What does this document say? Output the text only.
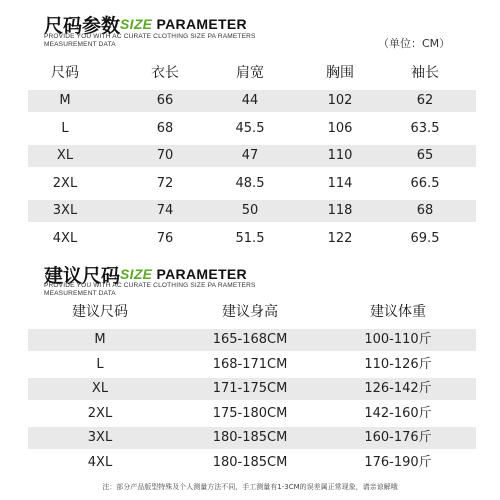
尺码参数 SIZE PARAMETER
PROVIDE YOU WITH AC CURATE CLOTHING SIZE PA RAMETERS
MEASUREMENT DATA	（单位：CM）
尺码	衣长	肩宽	胸围	袖长
M	66	44	102	62
L	68	45.5	106	63.5
XL	70	47	110	65
2XL	72	48.5	114	66.5
3XL	74	50	118	68
4XL	76	51.5	122	69.5
建议尺码 SIZE PARAMETER
PROVIDE YOU WITH AC CURATE CLOTHING SIZE PA RAMETERS
MEASUREMENT DATA
建议尺码	建议身高	建议体重
M	165-168CM	100-110斤
L	168-171CM	110-126斤
XL	171-175CM	126-142斤
2XL	175-180CM	142-160斤
3XL	180-185CM	160-176斤
4XL	180-185CM	176-190斤
注：部分产品版型特殊及个人测量方法不同，手工测量有1-3CM的误差属正常现象，请亲谅解哦
